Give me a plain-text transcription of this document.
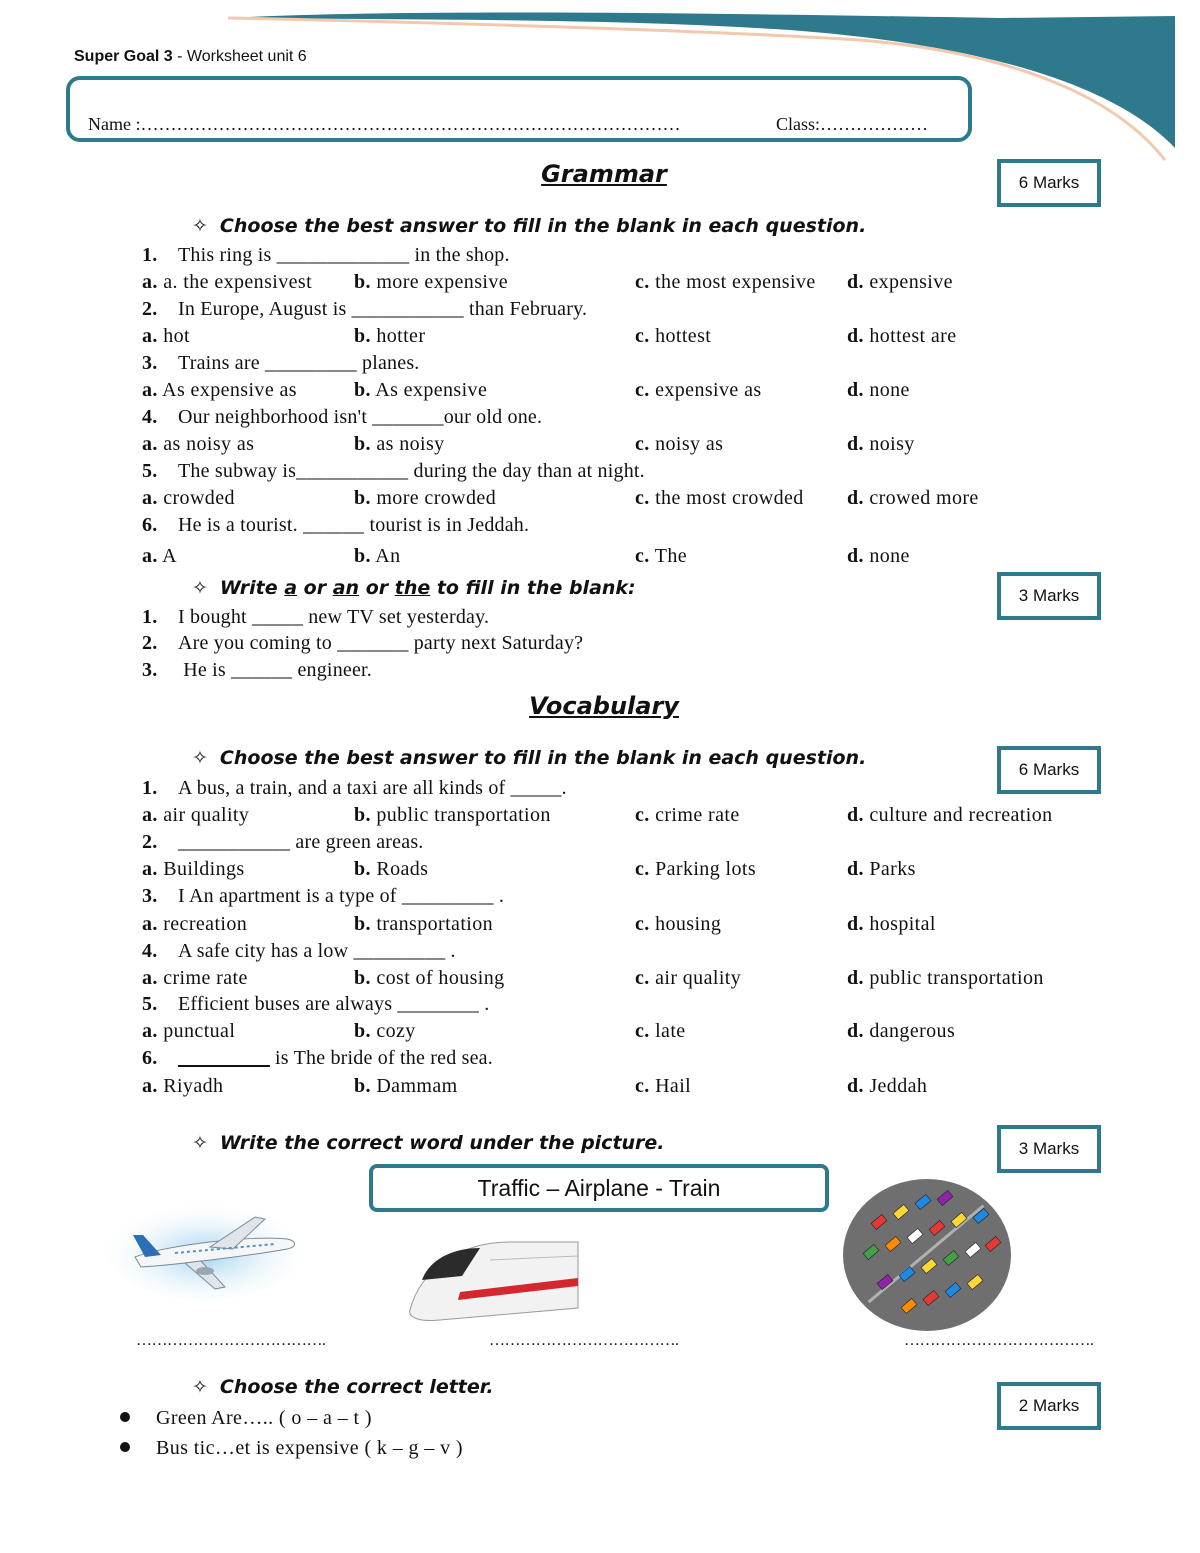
Super Goal 3 - Worksheet unit 6
Name :………………………………………………………………………………	Class:………………
Grammar	6 Marks
✧ Choose the best answer to fill in the blank in each question.
1. This ring is _____________ in the shop.
a. a. the expensivest b. more expensive	c. the most expensive d. expensive
2. In Europe, August is ___________ than February.
a. hot	b. hotter	c. hottest	d. hottest are
3. Trains are _________ planes.
a. As expensive as	b. As expensive	c. expensive as	d. none
4. Our neighborhood isn't _______our old one.
a. as noisy as	b. as noisy	c. noisy as	d. noisy
5. The subway is___________ during the day than at night.
a. crowded	b. more crowded	c. the most crowded d. crowed more
6. He is a tourist. ______ tourist is in Jeddah.
a. A	b. An	c. The	d. none
✧ Write a or an or the to fill in the blank:	3 Marks
1. I bought _____ new TV set yesterday.
2. Are you coming to _______ party next Saturday?
3. He is ______ engineer.
Vocabulary
6 Marks
✧ Choose the best answer to fill in the blank in each question.
1. A bus, a train, and a taxi are all kinds of _____.
a. air quality	b. public transportation	c. crime rate	d. culture and recreation
2. ___________ are green areas.
a. Buildings	b. Roads	c. Parking lots	d. Parks
3. I An apartment is a type of _________ .
a. recreation	b. transportation	c. housing	d. hospital
4. A safe city has a low _________ .
a. crime rate	b. cost of housing	c. air quality	d. public transportation
5. Efficient buses are always ________ .
a. punctual	b. cozy	c. late	d. dangerous
6. _________ is The bride of the red sea.
a. Riyadh	b. Dammam	c. Hail	d. Jeddah
✧ Write the correct word under the picture.	3 Marks
Traffic – Airplane - Train
……………………………….	……………………………….	……………………………….
✧ Choose the correct letter.
2 Marks
Green Are….. ( o – a – t )
Bus tic…et is expensive ( k – g – v )
